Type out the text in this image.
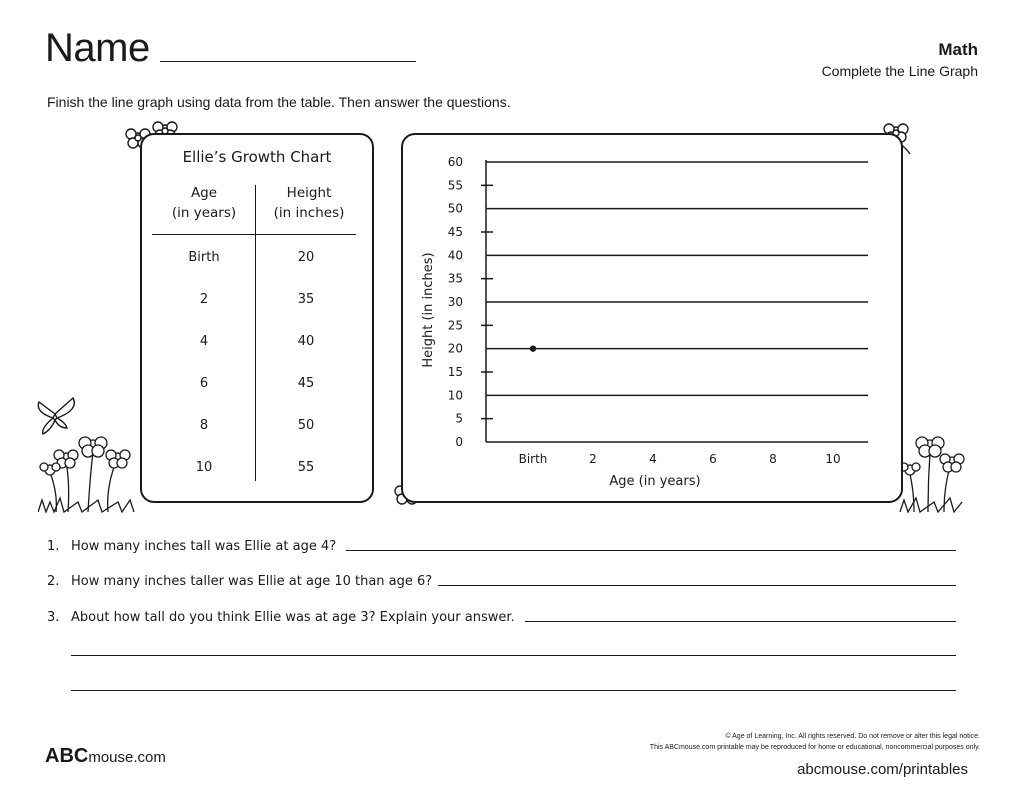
Name	Math
Complete the Line Graph
Finish the line graph using data from the table. Then answer the questions.
Ellie’s Growth Chart
Age
(in years)
Height
(in inches)
Birth	20
2	35
4	40
6	45
8	50
10	55
0
5
10
15
20
25
30
35
40
45
50
55
60
Birth	2	4	6	8	10
Height (in inches)
Age (in years)
1. How many inches tall was Ellie at age 4?
2. How many inches taller was Ellie at age 10 than age 6?
3. About how tall do you think Ellie was at age 3? Explain your answer.
ABCmouse.com
© Age of Learning, Inc. All rights reserved. Do not remove or alter this legal notice.
This ABCmouse.com printable may be reproduced for home or educational, noncommercial purposes only.
abcmouse.com/printables
